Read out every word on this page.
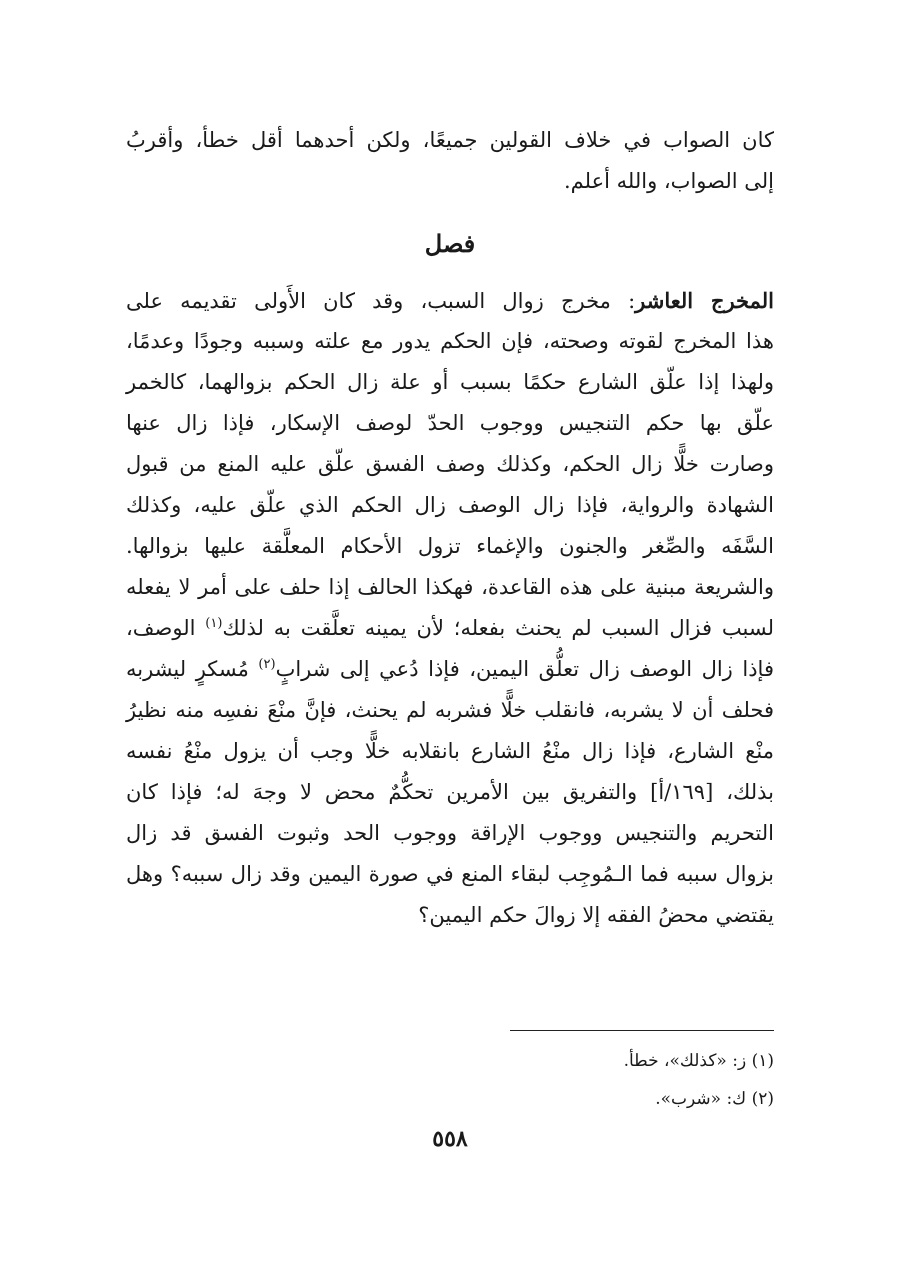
كان الصواب في خلاف القولين جميعًا، ولكن أحدهما أقل خطأ، وأقربُ
إلى الصواب، والله أعلم.
فصل
المخرج العاشر: مخرج زوال السبب، وقد كان الأَولى تقديمه على
هذا المخرج لقوته وصحته، فإن الحكم يدور مع علته وسببه وجودًا وعدمًا،
ولهذا إذا علّق الشارع حكمًا بسبب أو علة زال الحكم بزوالهما، كالخمر
علّق بها حكم التنجيس ووجوب الحدّ لوصف الإسكار، فإذا زال عنها
وصارت خلًّا زال الحكم، وكذلك وصف الفسق علّق عليه المنع من قبول
الشهادة والرواية، فإذا زال الوصف زال الحكم الذي علّق عليه، وكذلك
السَّفَه والصِّغر والجنون والإغماء تزول الأحكام المعلَّقة عليها بزوالها.
والشريعة مبنية على هذه القاعدة، فهكذا الحالف إذا حلف على أمر لا يفعله
لسبب فزال السبب لم يحنث بفعله؛ لأن يمينه تعلَّقت به لذلك$^{(١)}$ الوصف،
فإذا زال الوصف زال تعلُّق اليمين، فإذا دُعي إلى شرابٍ$^{(٢)}$ مُسكرٍ ليشربه
فحلف أن لا يشربه، فانقلب خلًّا فشربه لم يحنث، فإنَّ منْعَ نفسِه منه نظيرُ
منْع الشارع، فإذا زال منْعُ الشارع بانقلابه خلًّا وجب أن يزول منْعُ نفسه
بذلك، [١٦٩/أ] والتفريق بين الأمرين تحكُّمٌ محض لا وجهَ له؛ فإذا كان
التحريم والتنجيس ووجوب الإراقة ووجوب الحد وثبوت الفسق قد زال
بزوال سببه فما الـمُوجِب لبقاء المنع في صورة اليمين وقد زال سببه؟ وهل
يقتضي محضُ الفقه إلا زوالَ حكم اليمين؟
(١) ز: «كذلك»، خطأ.
(٢) ك: «شرب».
٥٥٨
